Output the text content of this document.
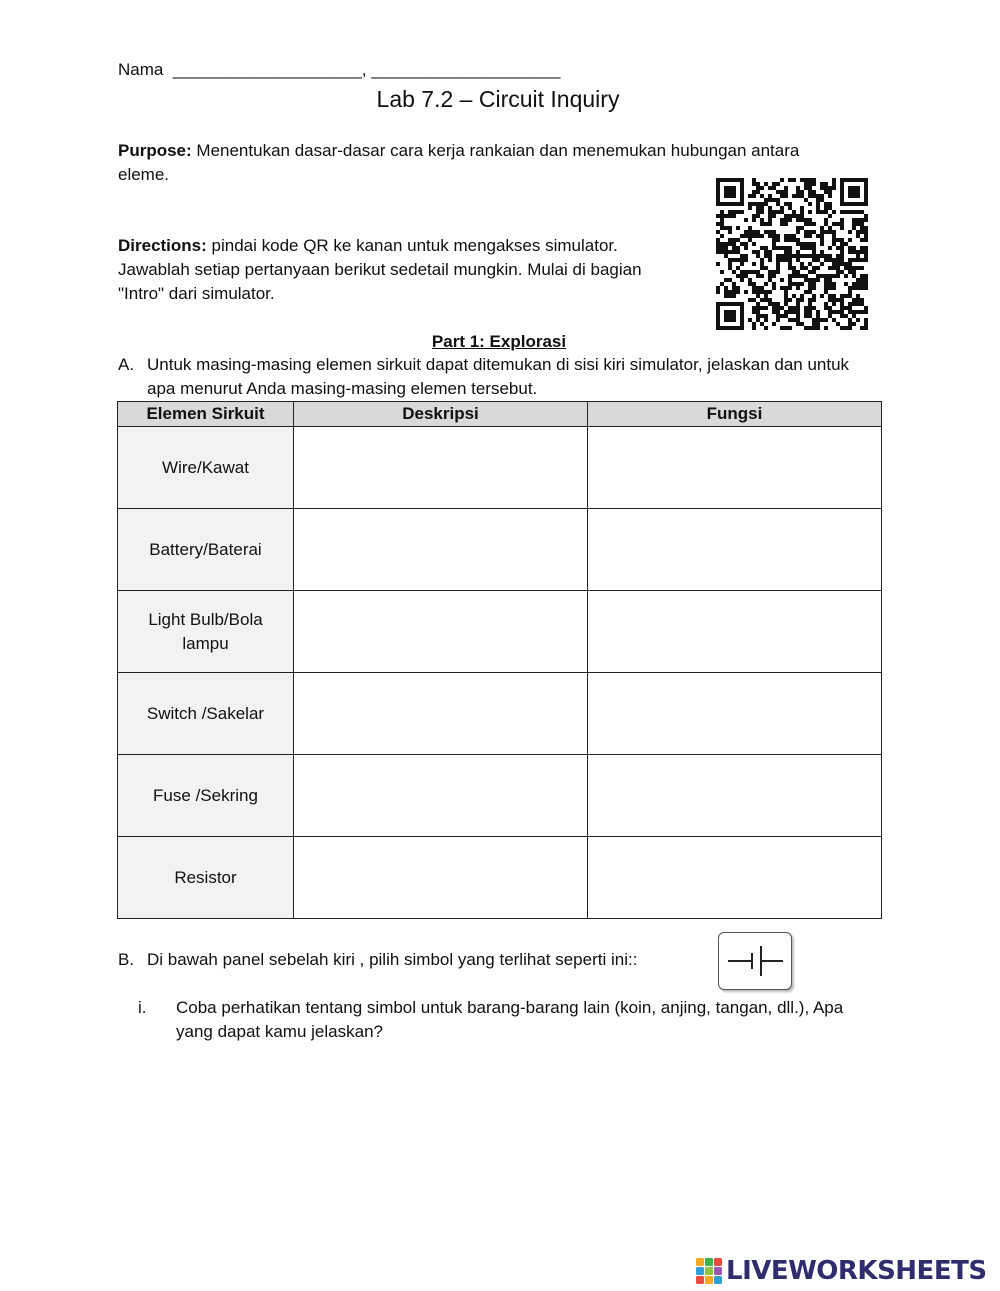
Nama  ____________________, ____________________
Lab 7.2 – Circuit Inquiry
Purpose: Menentukan dasar-dasar cara kerja rankaian dan menemukan hubungan antara eleme.
Directions: pindai kode QR ke kanan untuk mengakses simulator. Jawablah setiap pertanyaan berikut sedetail mungkin. Mulai di bagian "Intro" dari simulator.
Part 1: Explorasi
A. Untuk masing-masing elemen sirkuit dapat ditemukan di sisi kiri simulator, jelaskan dan untuk apa menurut Anda masing-masing elemen tersebut.
Elemen Sirkuit	Deskripsi	Fungsi
Wire/Kawat		
Battery/Baterai		
Light Bulb/Bola lampu		
Switch /Sakelar		
Fuse /Sekring		
Resistor		
B. Di bawah panel sebelah kiri , pilih simbol yang terlihat seperti ini::
i. Coba perhatikan tentang simbol untuk barang-barang lain (koin, anjing, tangan, dll.), Apa yang dapat kamu jelaskan?
LIVEWORKSHEETS
